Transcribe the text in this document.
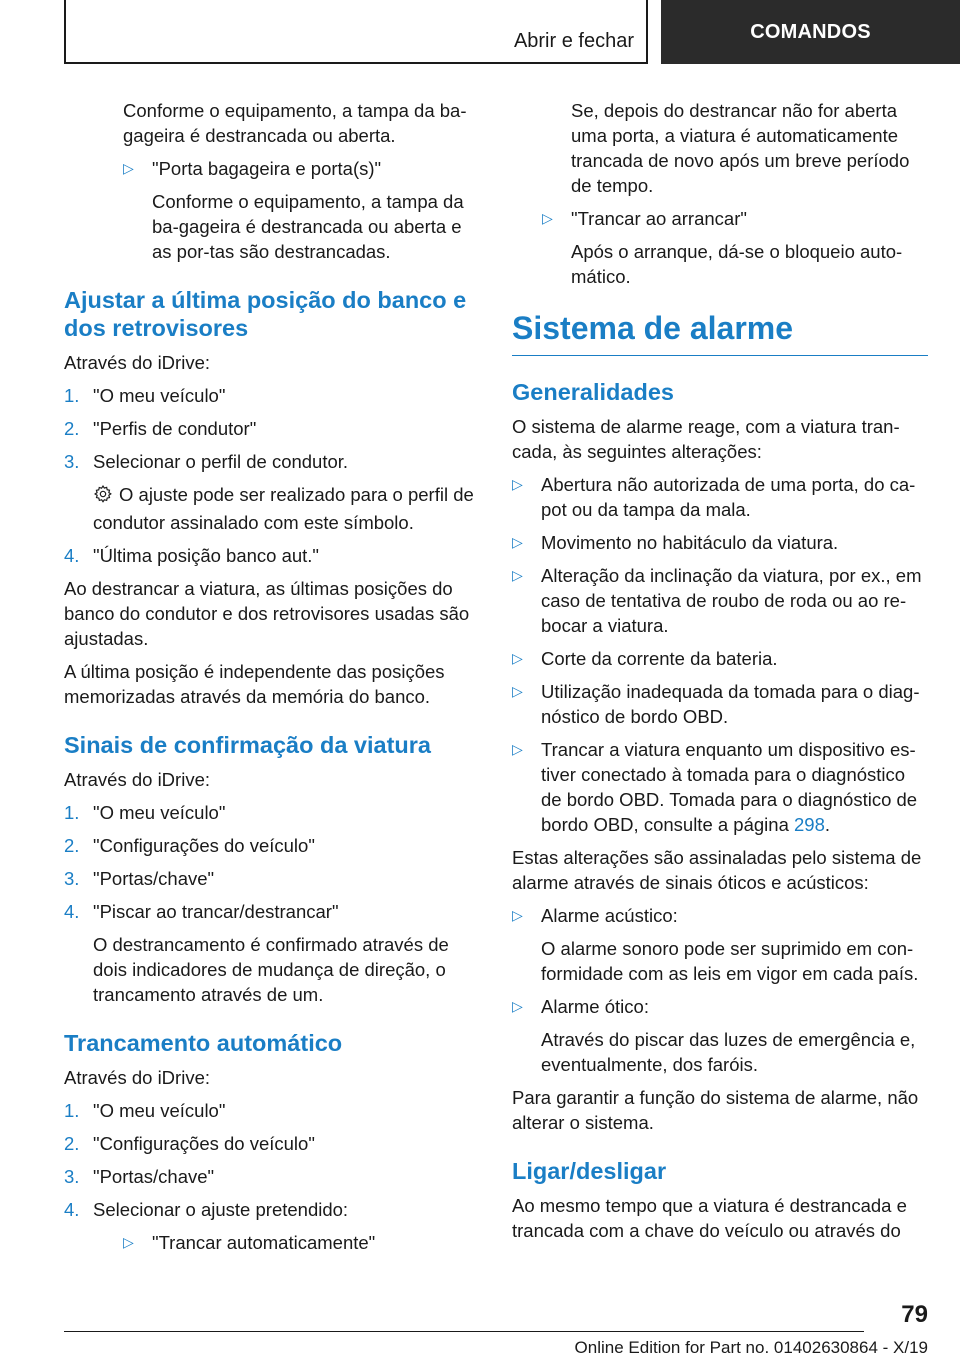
Abrir e fechar	COMANDOS

Conforme o equipamento, a tampa da ba-gageira é destrancada ou aberta.

▷ "Porta bagageira e porta(s)"

Conforme o equipamento, a tampa da ba-gageira é destrancada ou aberta e as por-tas são destrancadas.

Ajustar a última posição do banco e dos retrovisores

Através do iDrive:

1. "O meu veículo"
2. "Perfis de condutor"
3. Selecionar o perfil de condutor.

O ajuste pode ser realizado para o perfil de condutor assinalado com este símbolo.

4. "Última posição banco aut."

Ao destrancar a viatura, as últimas posições do banco do condutor e dos retrovisores usadas são ajustadas.

A última posição é independente das posições memorizadas através da memória do banco.

Sinais de confirmação da viatura

Através do iDrive:

1. "O meu veículo"
2. "Configurações do veículo"
3. "Portas/chave"
4. "Piscar ao trancar/destrancar"

O destrancamento é confirmado através de dois indicadores de mudança de direção, o trancamento através de um.

Trancamento automático

Através do iDrive:

1. "O meu veículo"
2. "Configurações do veículo"
3. "Portas/chave"
4. Selecionar o ajuste pretendido:
▷ "Trancar automaticamente"

Se, depois do destrancar não for aberta uma porta, a viatura é automaticamente trancada de novo após um breve período de tempo.

▷ "Trancar ao arrancar"

Após o arranque, dá-se o bloqueio auto-mático.

Sistema de alarme
Generalidades

O sistema de alarme reage, com a viatura tran-cada, às seguintes alterações:

▷ Abertura não autorizada de uma porta, do ca-pot ou da tampa da mala.
▷ Movimento no habitáculo da viatura.
▷ Alteração da inclinação da viatura, por ex., em caso de tentativa de roubo de roda ou ao re-bocar a viatura.
▷ Corte da corrente da bateria.
▷ Utilização inadequada da tomada para o diag-nóstico de bordo OBD.
▷ Trancar a viatura enquanto um dispositivo es-tiver conectado à tomada para o diagnóstico de bordo OBD. Tomada para o diagnóstico de bordo OBD, consulte a página 298.

Estas alterações são assinaladas pelo sistema de alarme através de sinais óticos e acústicos:

▷ Alarme acústico:

O alarme sonoro pode ser suprimido em con-formidade com as leis em vigor em cada país.

▷ Alarme ótico:

Através do piscar das luzes de emergência e, eventualmente, dos faróis.

Para garantir a função do sistema de alarme, não alterar o sistema.

Ligar/desligar

Ao mesmo tempo que a viatura é destrancada e trancada com a chave do veículo ou através do

79
Online Edition for Part no. 01402630864 - X/19
